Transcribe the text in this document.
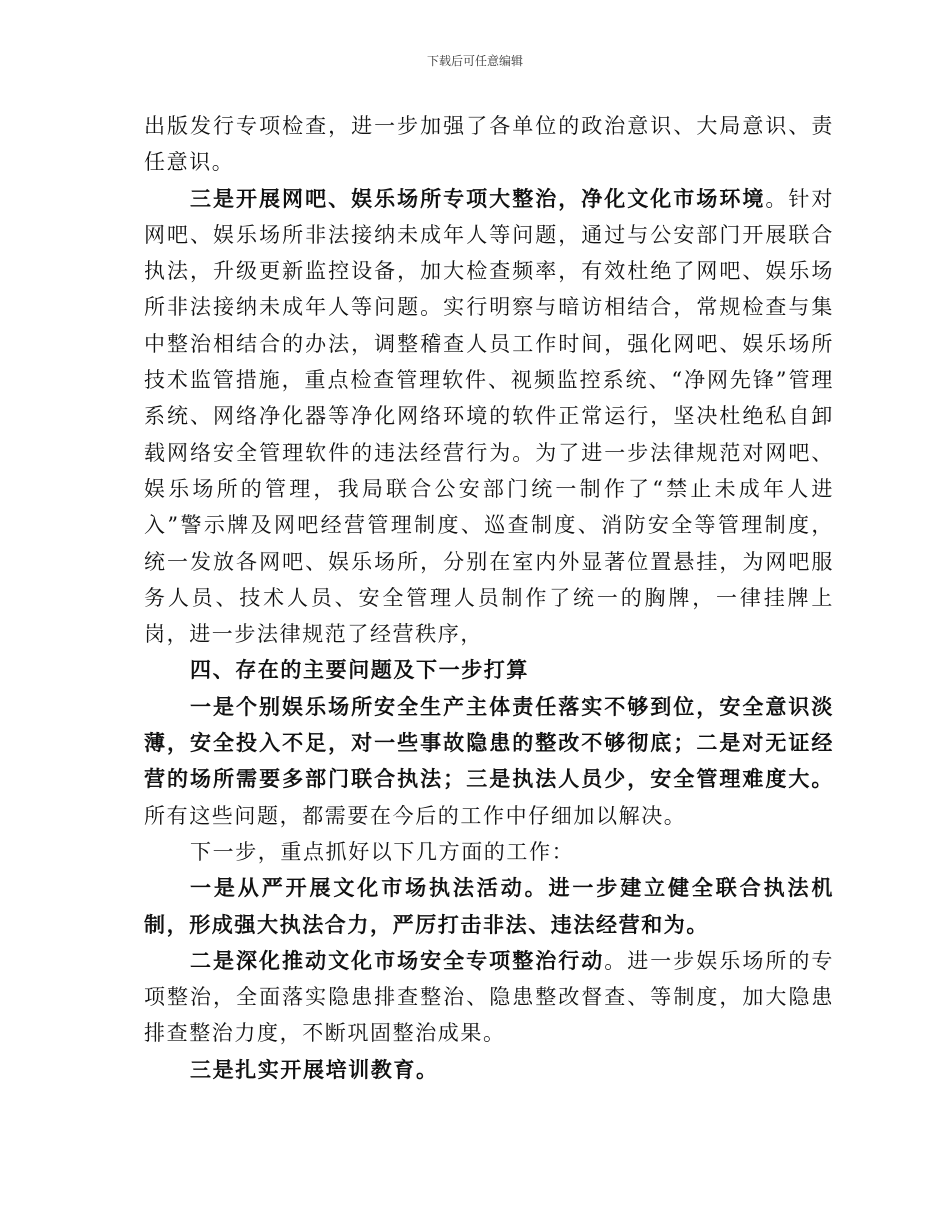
下载后可任意编辑

出版发行专项检查，进一步加强了各单位的政治意识、大局意识、责任意识。

三是开展网吧、娱乐场所专项大整治，净化文化市场环境。针对网吧、娱乐场所非法接纳未成年人等问题，通过与公安部门开展联合执法，升级更新监控设备，加大检查频率，有效杜绝了网吧、娱乐场所非法接纳未成年人等问题。实行明察与暗访相结合，常规检查与集中整治相结合的办法，调整稽查人员工作时间，强化网吧、娱乐场所技术监管措施，重点检查管理软件、视频监控系统、“净网先锋”管理系统、网络净化器等净化网络环境的软件正常运行，坚决杜绝私自卸载网络安全管理软件的违法经营行为。为了进一步法律规范对网吧、娱乐场所的管理，我局联合公安部门统一制作了“禁止未成年人进入”警示牌及网吧经营管理制度、巡查制度、消防安全等管理制度，统一发放各网吧、娱乐场所，分别在室内外显著位置悬挂，为网吧服务人员、技术人员、安全管理人员制作了统一的胸牌，一律挂牌上岗，进一步法律规范了经营秩序，

四、存在的主要问题及下一步打算

一是个别娱乐场所安全生产主体责任落实不够到位，安全意识淡薄，安全投入不足，对一些事故隐患的整改不够彻底；二是对无证经营的场所需要多部门联合执法；三是执法人员少，安全管理难度大。所有这些问题，都需要在今后的工作中仔细加以解决。

下一步，重点抓好以下几方面的工作：

一是从严开展文化市场执法活动。进一步建立健全联合执法机制，形成强大执法合力，严厉打击非法、违法经营和为。

二是深化推动文化市场安全专项整治行动。进一步娱乐场所的专项整治，全面落实隐患排查整治、隐患整改督查、等制度，加大隐患排查整治力度，不断巩固整治成果。

三是扎实开展培训教育。
